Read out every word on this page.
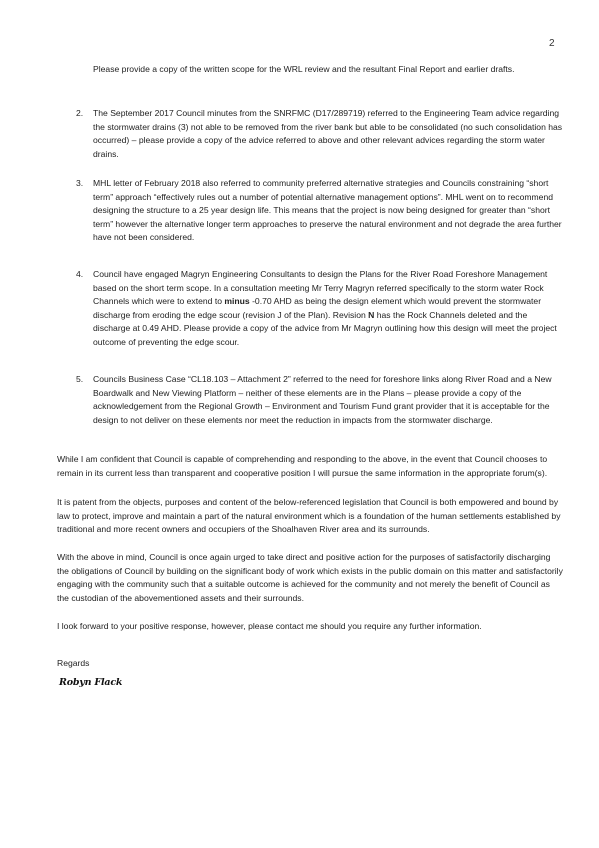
2

Please provide a copy of the written scope for the WRL review and the resultant Final Report and earlier drafts.

2. The September 2017 Council minutes from the SNRFMC (D17/289719) referred to the Engineering Team advice regarding the stormwater drains (3) not able to be removed from the river bank but able to be consolidated (no such consolidation has occurred) – please provide a copy of the advice referred to above and other relevant advices regarding the storm water drains.

3. MHL letter of February 2018 also referred to community preferred alternative strategies and Councils constraining “short term” approach “effectively rules out a number of potential alternative management options”. MHL went on to recommend designing the structure to a 25 year design life. This means that the project is now being designed for greater than “short term” however the alternative longer term approaches to preserve the natural environment and not degrade the area further have not been considered.

4. Council have engaged Magryn Engineering Consultants to design the Plans for the River Road Foreshore Management based on the short term scope. In a consultation meeting Mr Terry Magryn referred specifically to the storm water Rock Channels which were to extend to minus -0.70 AHD as being the design element which would prevent the stormwater discharge from eroding the edge scour (revision J of the Plan). Revision N has the Rock Channels deleted and the discharge at 0.49 AHD. Please provide a copy of the advice from Mr Magryn outlining how this design will meet the project outcome of preventing the edge scour.

5. Councils Business Case “CL18.103 – Attachment 2” referred to the need for foreshore links along River Road and a New Boardwalk and New Viewing Platform – neither of these elements are in the Plans – please provide a copy of the acknowledgement from the Regional Growth – Environment and Tourism Fund grant provider that it is acceptable for the design to not deliver on these elements nor meet the reduction in impacts from the stormwater discharge.

While I am confident that Council is capable of comprehending and responding to the above, in the event that Council chooses to remain in its current less than transparent and cooperative position I will pursue the same information in the appropriate forum(s).

It is patent from the objects, purposes and content of the below-referenced legislation that Council is both empowered and bound by law to protect, improve and maintain a part of the natural environment which is a foundation of the human settlements established by traditional and more recent owners and occupiers of the Shoalhaven River area and its surrounds.

With the above in mind, Council is once again urged to take direct and positive action for the purposes of satisfactorily discharging the obligations of Council by building on the significant body of work which exists in the public domain on this matter and satisfactorily engaging with the community such that a suitable outcome is achieved for the community and not merely the benefit of Council as the custodian of the abovementioned assets and their surrounds.

I look forward to your positive response, however, please contact me should you require any further information.

Regards

Robyn Flack
